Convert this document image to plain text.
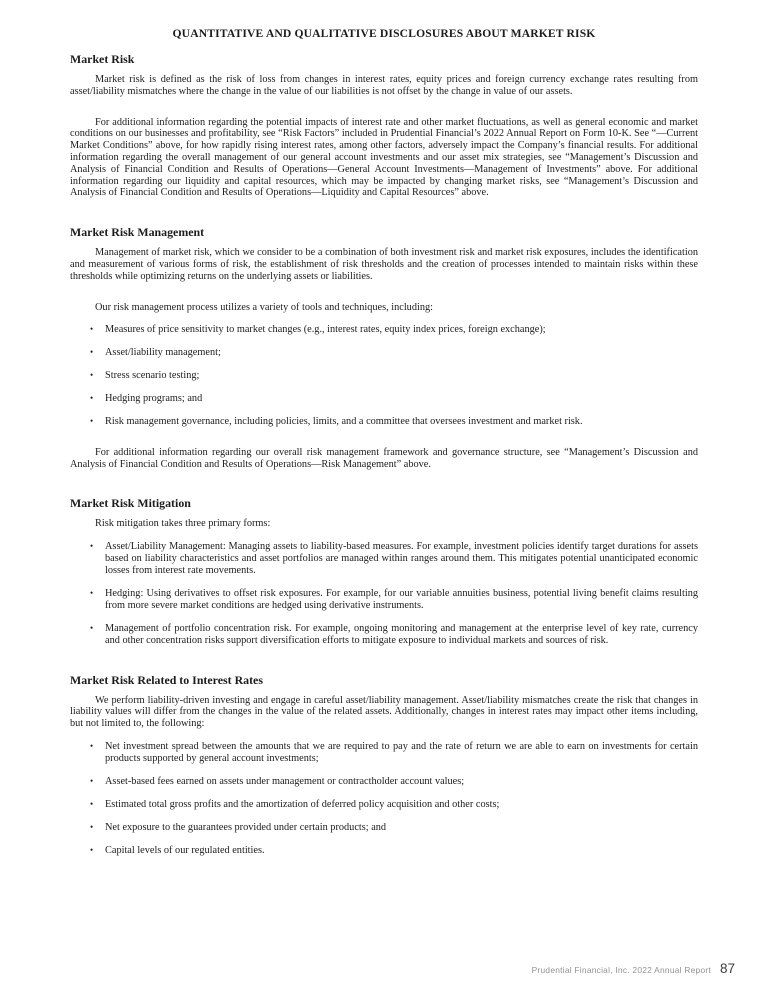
QUANTITATIVE AND QUALITATIVE DISCLOSURES ABOUT MARKET RISK
Market Risk

Market risk is defined as the risk of loss from changes in interest rates, equity prices and foreign currency exchange rates resulting from asset/liability mismatches where the change in the value of our liabilities is not offset by the change in value of our assets.

For additional information regarding the potential impacts of interest rate and other market fluctuations, as well as general economic and market conditions on our businesses and profitability, see “Risk Factors” included in Prudential Financial’s 2022 Annual Report on Form 10-K. See “—Current Market Conditions” above, for how rapidly rising interest rates, among other factors, adversely impact the Company’s financial results. For additional information regarding the overall management of our general account investments and our asset mix strategies, see “Management’s Discussion and Analysis of Financial Condition and Results of Operations—General Account Investments—Management of Investments” above. For additional information regarding our liquidity and capital resources, which may be impacted by changing market risks, see “Management’s Discussion and Analysis of Financial Condition and Results of Operations—Liquidity and Capital Resources” above.

Market Risk Management

Management of market risk, which we consider to be a combination of both investment risk and market risk exposures, includes the identification and measurement of various forms of risk, the establishment of risk thresholds and the creation of processes intended to maintain risks within these thresholds while optimizing returns on the underlying assets or liabilities.

Our risk management process utilizes a variety of tools and techniques, including:

•	Measures of price sensitivity to market changes (e.g., interest rates, equity index prices, foreign exchange);
•	Asset/liability management;
•	Stress scenario testing;
•	Hedging programs; and
•	Risk management governance, including policies, limits, and a committee that oversees investment and market risk.

For additional information regarding our overall risk management framework and governance structure, see “Management’s Discussion and Analysis of Financial Condition and Results of Operations—Risk Management” above.

Market Risk Mitigation

Risk mitigation takes three primary forms:

•	Asset/Liability Management: Managing assets to liability-based measures. For example, investment policies identify target durations for assets based on liability characteristics and asset portfolios are managed within ranges around them. This mitigates potential unanticipated economic losses from interest rate movements.
•	Hedging: Using derivatives to offset risk exposures. For example, for our variable annuities business, potential living benefit claims resulting from more severe market conditions are hedged using derivative instruments.
•	Management of portfolio concentration risk. For example, ongoing monitoring and management at the enterprise level of key rate, currency and other concentration risks support diversification efforts to mitigate exposure to individual markets and sources of risk.
Market Risk Related to Interest Rates

We perform liability-driven investing and engage in careful asset/liability management. Asset/liability mismatches create the risk that changes in liability values will differ from the changes in the value of the related assets. Additionally, changes in interest rates may impact other items including, but not limited to, the following:

•	Net investment spread between the amounts that we are required to pay and the rate of return we are able to earn on investments for certain products supported by general account investments;
•	Asset-based fees earned on assets under management or contractholder account values;
•	Estimated total gross profits and the amortization of deferred policy acquisition and other costs;
•	Net exposure to the guarantees provided under certain products; and
•	Capital levels of our regulated entities.
Prudential Financial, Inc. 2022 Annual Report 87
